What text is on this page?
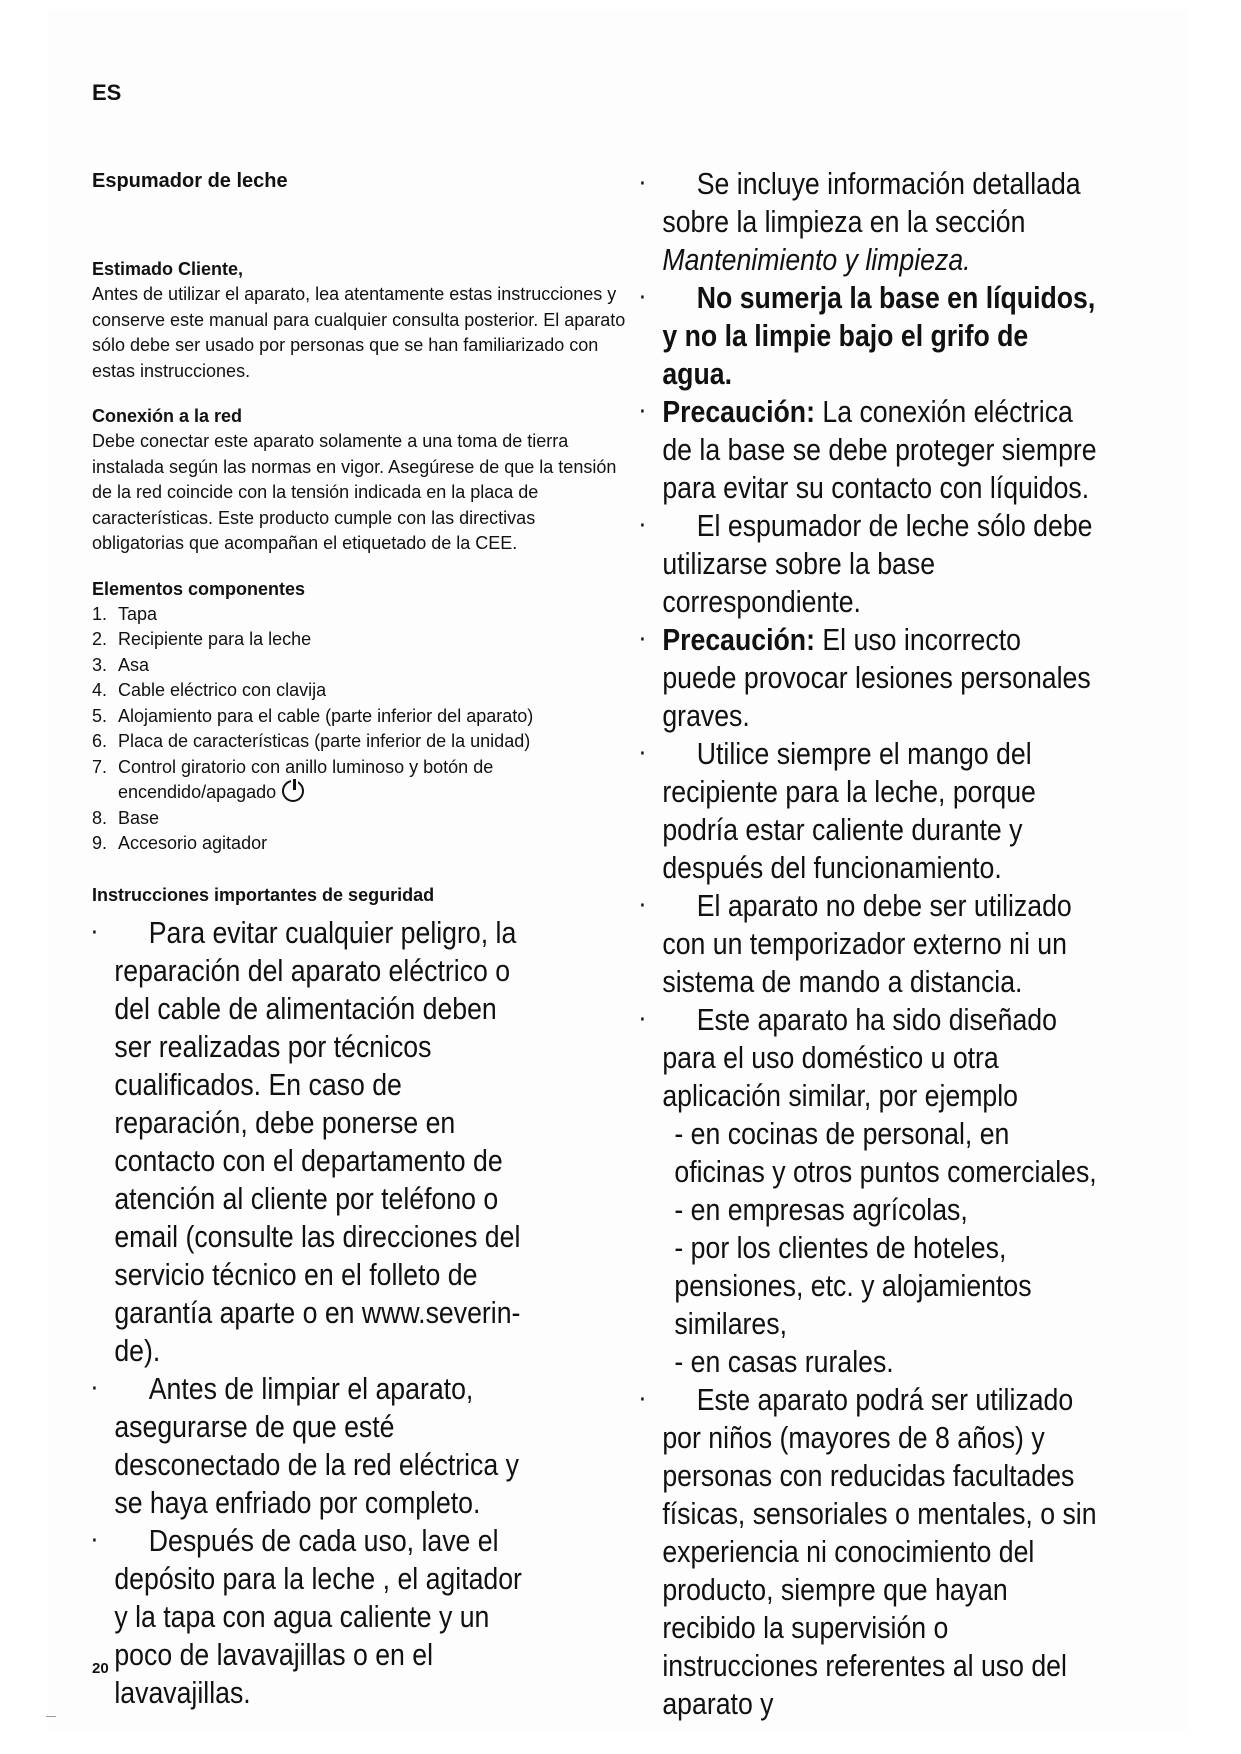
ES
Espumador de leche
Estimado Cliente,

Antes de utilizar el aparato, lea atentamente estas instrucciones y conserve este manual para cualquier consulta posterior. El aparato sólo debe ser usado por personas que se han familiarizado con estas instrucciones.

Conexión a la red

Debe conectar este aparato solamente a una toma de tierra instalada según las normas en vigor. Asegúrese de que la tensión de la red coincide con la tensión indicada en la placa de características. Este producto cumple con las directivas obligatorias que acompañan el etiquetado de la CEE.

Elementos componentes
1. Tapa
2. Recipiente para la leche
3. Asa
4. Cable eléctrico con clavija
5. Alojamiento para el cable (parte inferior del aparato)
6. Placa de características (parte inferior de la unidad)
7. Control giratorio con anillo luminoso y botón de encendido/apagado
8. Base
9. Accesorio agitador
Instrucciones importantes de seguridad

·	Para evitar cualquier peligro, la reparación del aparato eléctrico o del cable de alimentación deben ser realizadas por técnicos cualificados. En caso de reparación, debe ponerse en contacto con el departamento de atención al cliente por teléfono o email (consulte las direcciones del servicio técnico en el folleto de garantía aparte o en www.severin-de).

·	Antes de limpiar el aparato, asegurarse de que esté desconectado de la red eléctrica y se haya enfriado por completo.

·	Después de cada uso, lave el depósito para la leche , el agitador y la tapa con agua caliente y un poco de lavavajillas o en el lavavajillas.

·	Se incluye información detallada sobre la limpieza en la sección Mantenimiento y limpieza.

·	No sumerja la base en líquidos, y no la limpie bajo el grifo de agua.

· Precaución: La conexión eléctrica de la base se debe proteger siempre para evitar su contacto con líquidos.

·	El espumador de leche sólo debe utilizarse sobre la base correspondiente.

· Precaución: El uso incorrecto puede provocar lesiones personales graves.

·	Utilice siempre el mango del recipiente para la leche, porque podría estar caliente durante y después del funcionamiento.

·	El aparato no debe ser utilizado con un temporizador externo ni un sistema de mando a distancia.

·	Este aparato ha sido diseñado para el uso doméstico u otra aplicación similar, por ejemplo

- en cocinas de personal, en oficinas y otros puntos comerciales,

- en empresas agrícolas,

- por los clientes de hoteles, pensiones, etc. y alojamientos similares,

- en casas rurales.

·	Este aparato podrá ser utilizado por niños (mayores de 8 años) y personas con reducidas facultades físicas, sensoriales o mentales, o sin experiencia ni conocimiento del producto, siempre que hayan recibido la supervisión o instrucciones referentes al uso del aparato y

20
